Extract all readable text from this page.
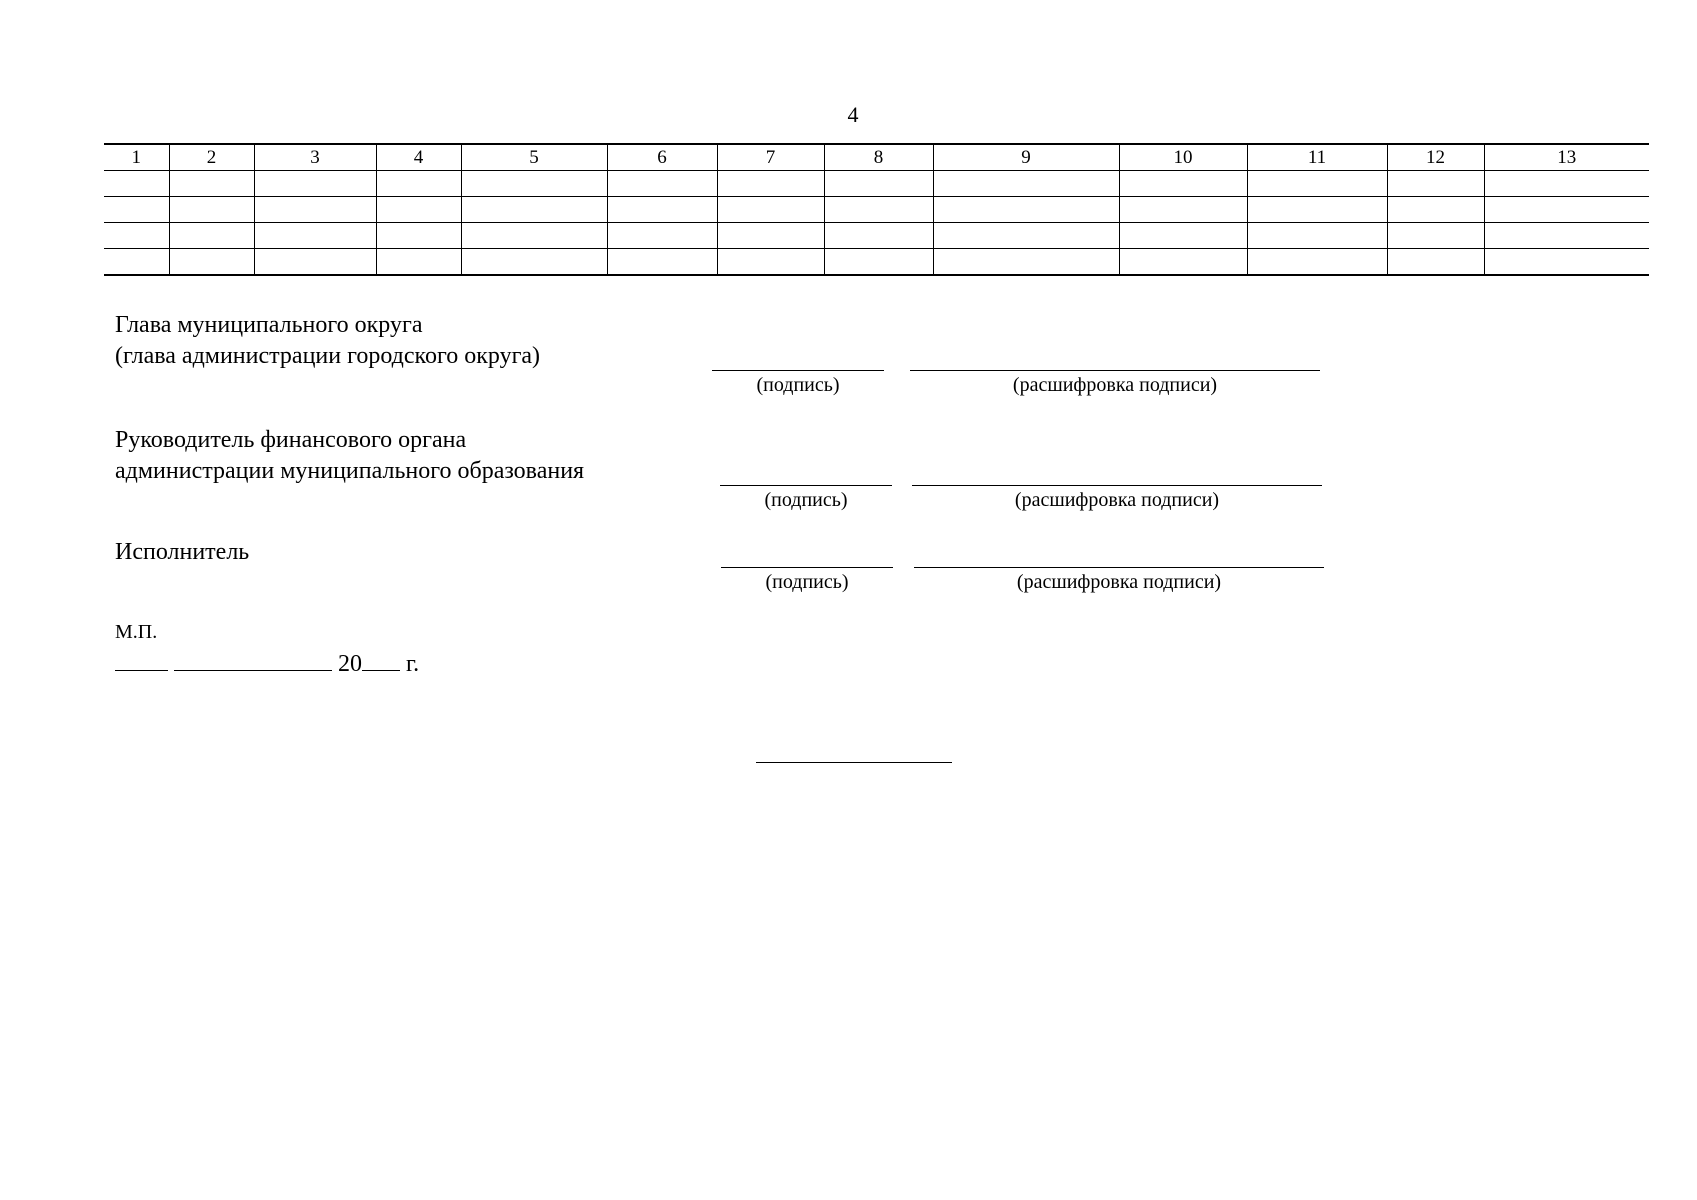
4
1	2	3	4	5	6	7	8	9	10	11	12	13

Глава муниципального округа
(глава администрации городского округа)
(подпись)	(расшифровка подписи)
Руководитель финансового органа
администрации муниципального образования
(подпись)	(расшифровка подписи)
Исполнитель
(подпись)	(расшифровка подписи)
М.П.
20 г.
